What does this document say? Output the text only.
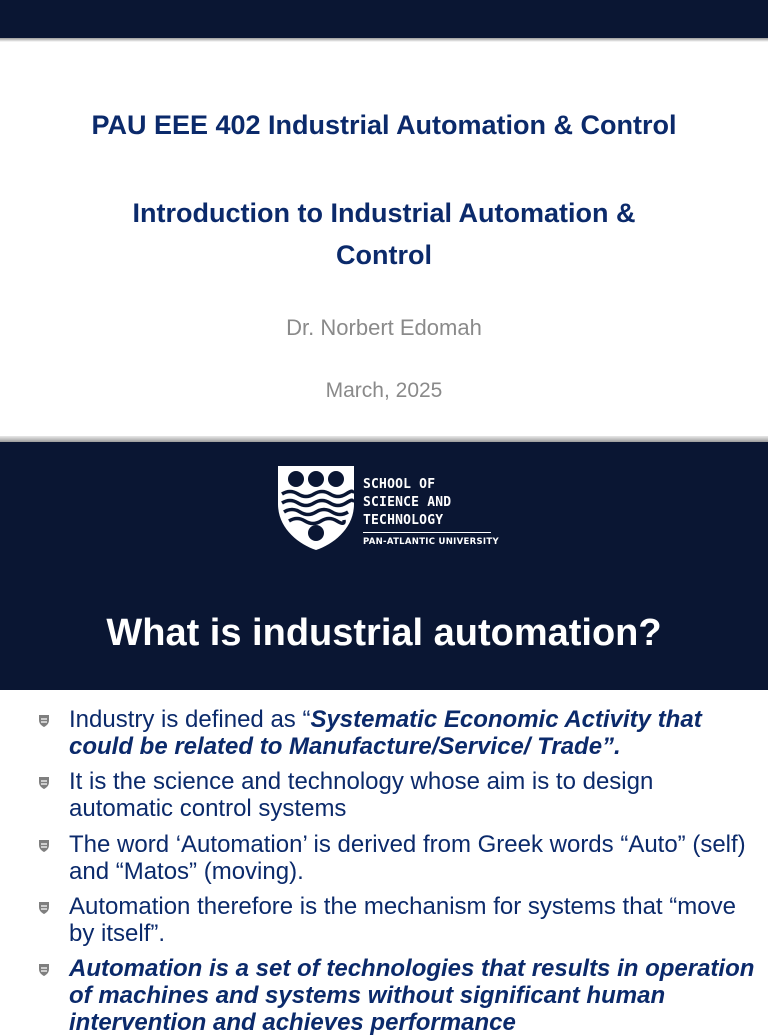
PAU EEE 402 Industrial Automation & Control
Introduction to Industrial Automation & Control
Dr. Norbert Edomah
March, 2025
SCHOOL OF
SCIENCE AND
TECHNOLOGY
PAN-ATLANTIC UNIVERSITY
What is industrial automation?
Industry is defined as “Systematic Economic Activity that could be related to Manufacture/Service/ Trade”.
It is the science and technology whose aim is to design automatic control systems
The word ‘Automation’ is derived from Greek words “Auto” (self) and “Matos” (moving).
Automation therefore is the mechanism for systems that “move by itself”.
Automation is a set of technologies that results in operation of machines and systems without significant human intervention and achieves performance
